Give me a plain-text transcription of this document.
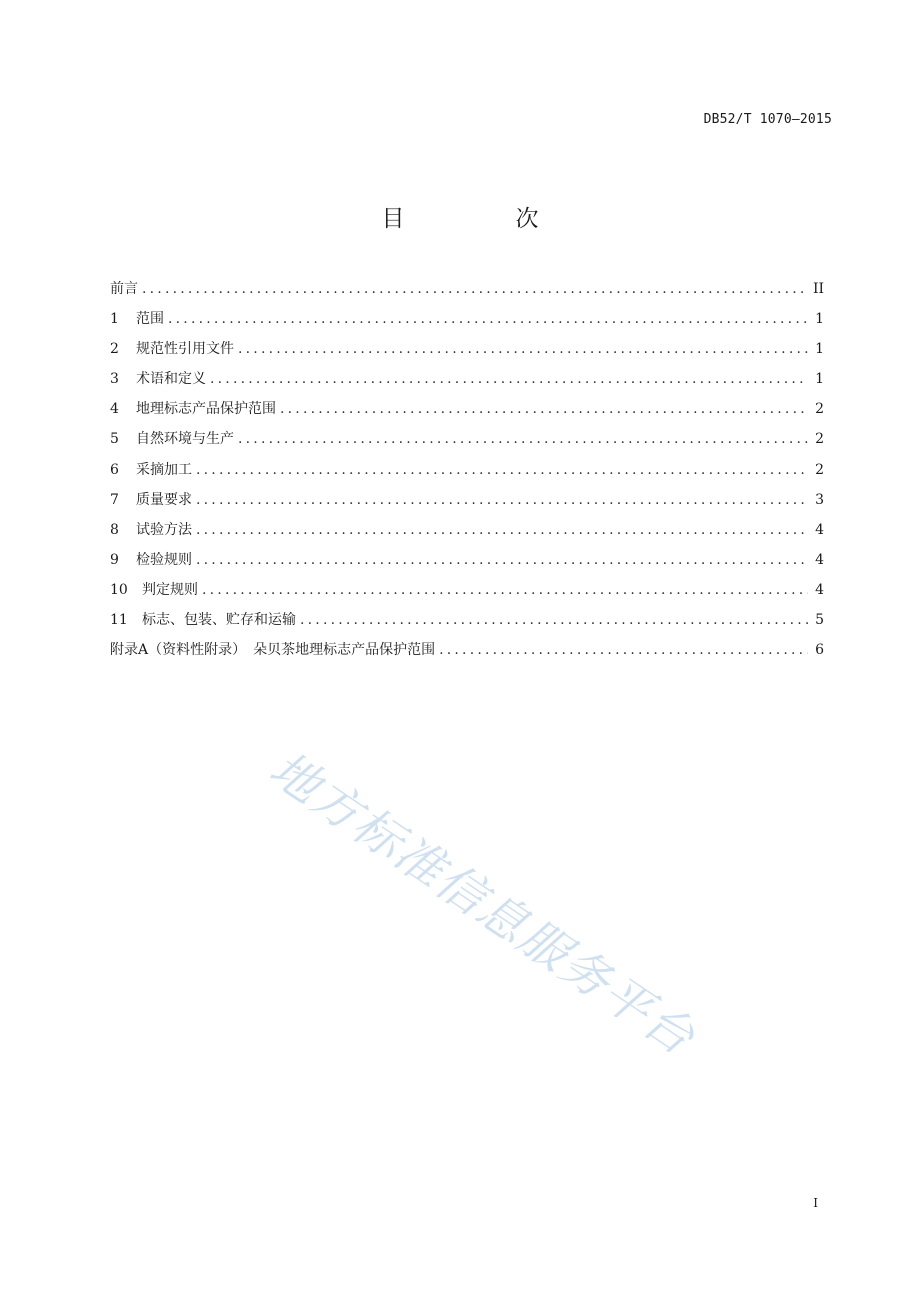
DB52/T 1070—2015
目　次
前言 .....	II
1	范围 .....	1
2	规范性引用文件 .....	1
3	术语和定义 .....	1
4	地理标志产品保护范围 .....	2
5	自然环境与生产 .....	2
6	采摘加工 .....	2
7	质量要求 .....	3
8	试验方法 .....	4
9	检验规则 .....	4
10	判定规则 .....	4
11	标志、包装、贮存和运输 .....	5
附录A（资料性附录）　朵贝茶地理标志产品保护范围 .....	6
地方标准信息服务平台
I
